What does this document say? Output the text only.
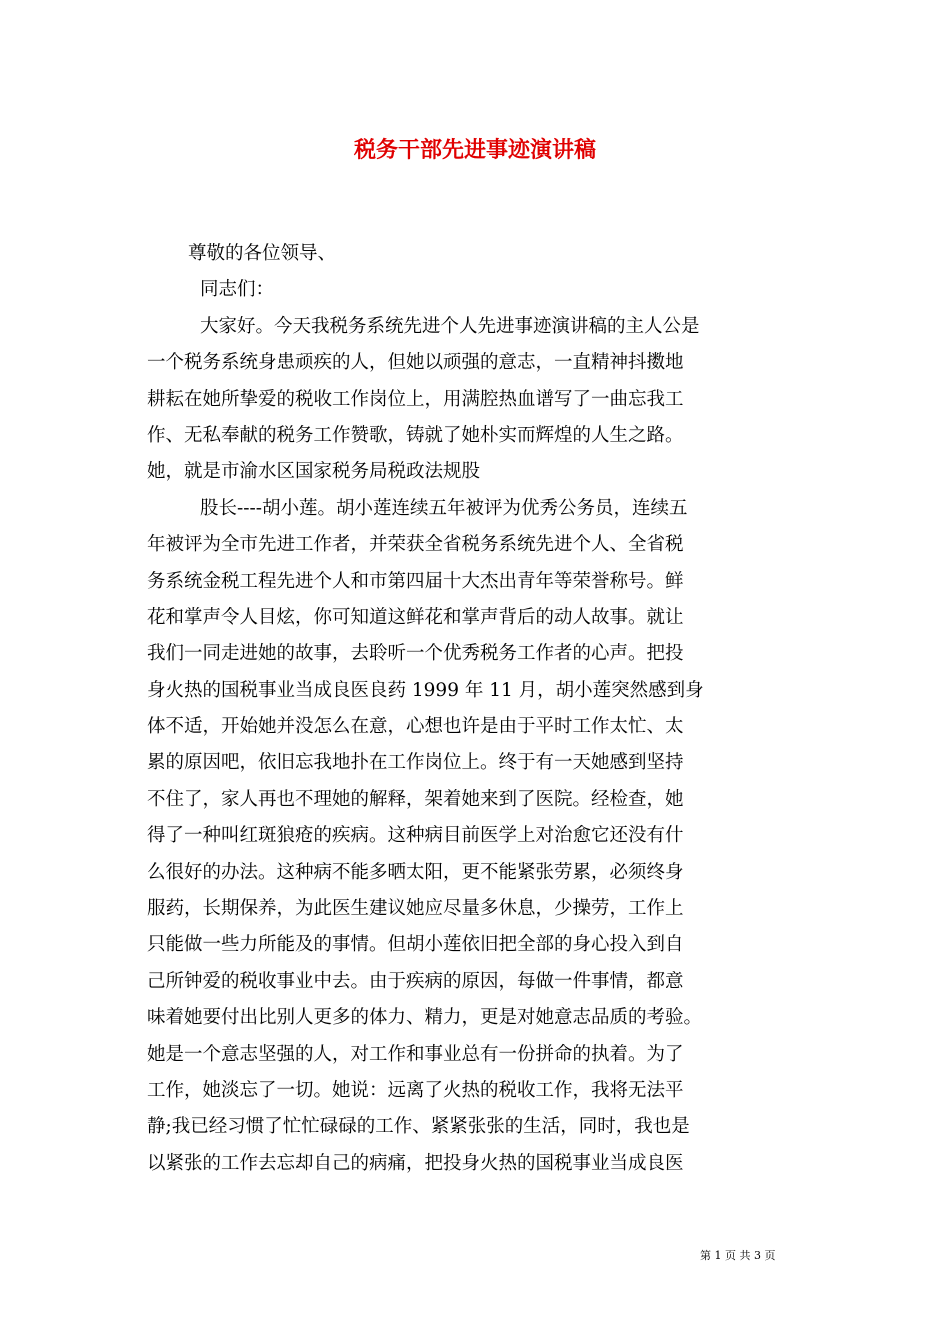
税务干部先进事迹演讲稿
尊敬的各位领导、
同志们：
大家好。今天我税务系统先进个人先进事迹演讲稿的主人公是
一个税务系统身患顽疾的人，但她以顽强的意志，一直精神抖擞地
耕耘在她所挚爱的税收工作岗位上，用满腔热血谱写了一曲忘我工
作、无私奉献的税务工作赞歌，铸就了她朴实而辉煌的人生之路。
她，就是市渝水区国家税务局税政法规股
股长----胡小莲。胡小莲连续五年被评为优秀公务员，连续五
年被评为全市先进工作者，并荣获全省税务系统先进个人、全省税
务系统金税工程先进个人和市第四届十大杰出青年等荣誉称号。鲜
花和掌声令人目炫，你可知道这鲜花和掌声背后的动人故事。就让
我们一同走进她的故事，去聆听一个优秀税务工作者的心声。把投
身火热的国税事业当成良医良药 1999 年 11 月，胡小莲突然感到身
体不适，开始她并没怎么在意，心想也许是由于平时工作太忙、太
累的原因吧，依旧忘我地扑在工作岗位上。终于有一天她感到坚持
不住了，家人再也不理她的解释，架着她来到了医院。经检查，她
得了一种叫红斑狼疮的疾病。这种病目前医学上对治愈它还没有什
么很好的办法。这种病不能多晒太阳，更不能紧张劳累，必须终身
服药，长期保养，为此医生建议她应尽量多休息，少操劳，工作上
只能做一些力所能及的事情。但胡小莲依旧把全部的身心投入到自
己所钟爱的税收事业中去。由于疾病的原因，每做一件事情，都意
味着她要付出比别人更多的体力、精力，更是对她意志品质的考验。
她是一个意志坚强的人，对工作和事业总有一份拼命的执着。为了
工作，她淡忘了一切。她说：远离了火热的税收工作，我将无法平
静;我已经习惯了忙忙碌碌的工作、紧紧张张的生活，同时，我也是
以紧张的工作去忘却自己的病痛，把投身火热的国税事业当成良医
第 1 页 共 3 页
